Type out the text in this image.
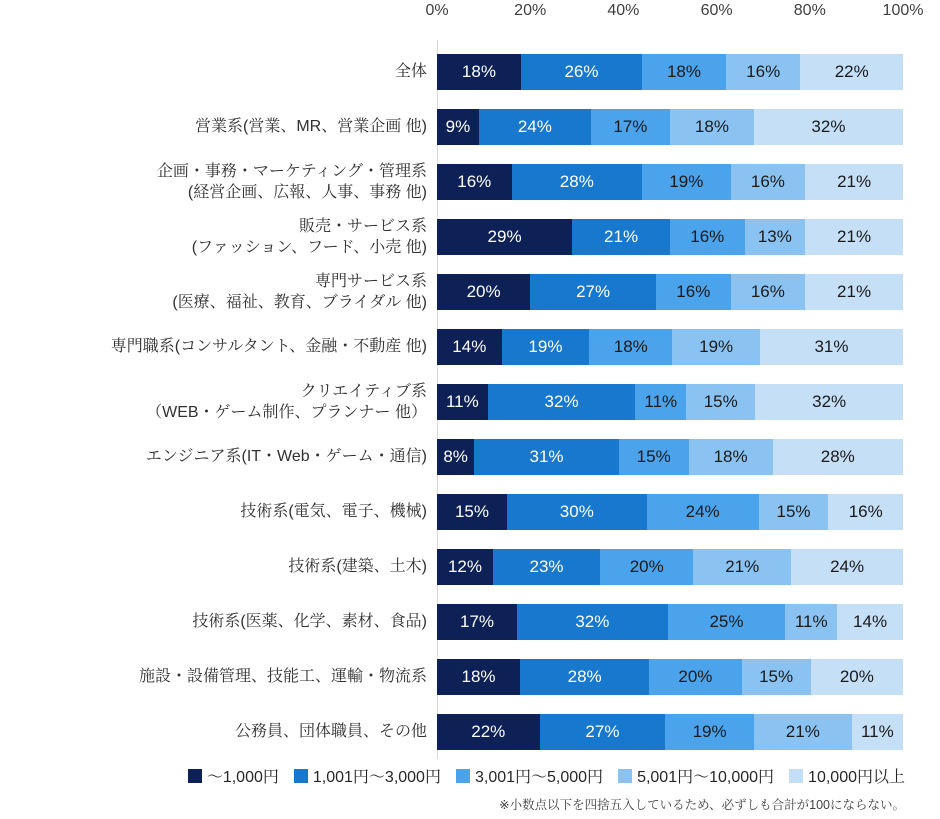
0%	20%	40%	60%	80%	100%
全体	18%	26%	18%	16%	22%
営業系(営業、MR、営業企画 他)	9%	24%	17%	18%	32%
企画・事務・マーケティング・管理系
(経営企画、広報、人事、事務 他)
16%	28%	19%	16%	21%
販売・サービス系
(ファッション、フード、小売 他)
29%	21%	16%	13%	21%
専門サービス系
(医療、福祉、教育、ブライダル 他)
20%	27%	16%	16%	21%
専門職系(コンサルタント、金融・不動産 他)	14%	19%	18%	19%	31%
クリエイティブ系
（WEB・ゲーム制作、プランナー 他）
11%	32%	11%	15%	32%
エンジニア系(IT・Web・ゲーム・通信) 8%	31%	15%	18%	28%
技術系(電気、電子、機械)	15%	30%	24%	15%	16%
技術系(建築、土木)	12%	23%	20%	21%	24%
技術系(医薬、化学、素材、食品)	17%	32%	25%	11%	14%
施設・設備管理、技能工、運輸・物流系	18%	28%	20%	15%	20%
公務員、団体職員、その他	22%	27%	19%	21%	11%
～1,000円 1,001円～3,000円 3,001円～5,000円 5,001円～10,000円 10,000円以上
※小数点以下を四捨五入しているため、必ずしも合計が100にならない。
